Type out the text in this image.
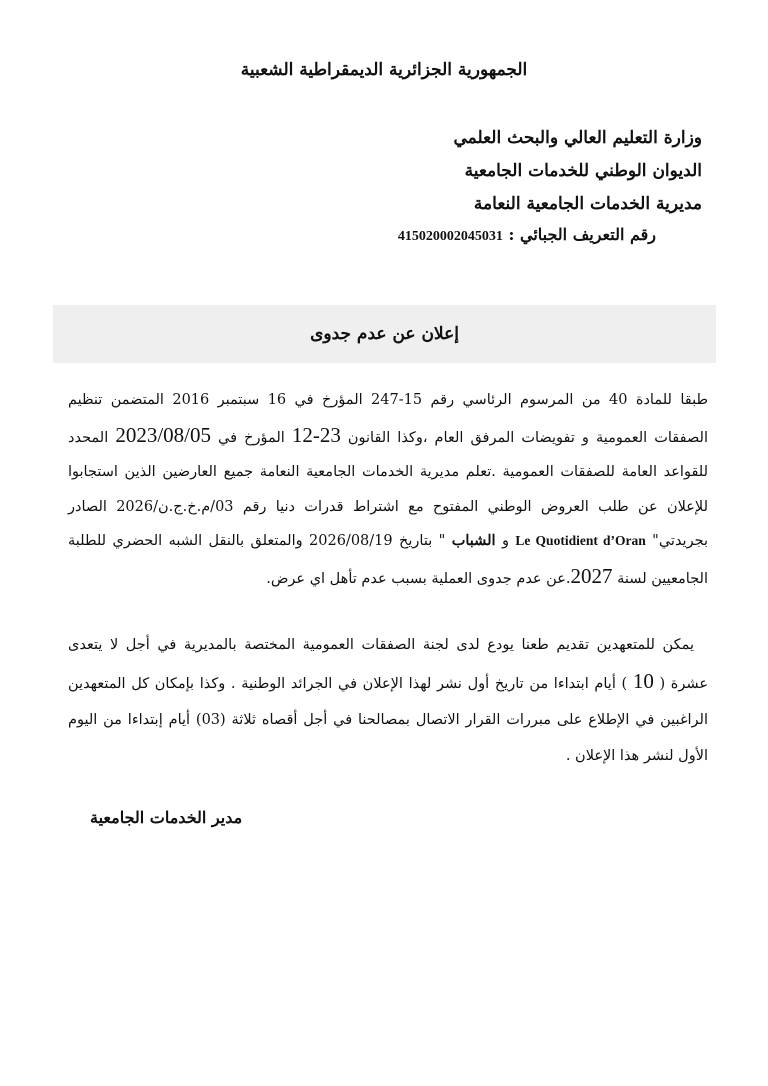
الجمهورية الجزائرية الديمقراطية الشعبية
وزارة التعليم العالي والبحث العلمي
الديوان الوطني للخدمات الجامعية
مديرية الخدمات الجامعية النعامة
رقم التعريف الجبائي : 415020002045031
إعلان عن عدم جدوى
طبقا للمادة 40 من المرسوم الرئاسي رقم 15-247 المؤرخ في 16 سبتمبر 2016 المتضمن تنظيم الصفقات العمومية و تفويضات المرفق العام ،وكذا القانون 23-12 المؤرخ في 2023/08/05 المحدد للقواعد العامة للصفقات العمومية .تعلم مديرية الخدمات الجامعية النعامة جميع العارضين الذين استجابوا للإعلان عن طلب العروض الوطني المفتوح مع اشتراط قدرات دنيا رقم 03/م.خ.ج.ن/2026 الصادر بجريدتي" Le Quotidient d’Oran و الشباب " بتاريخ 2026/08/19 والمتعلق بالنقل الشبه الحضري للطلبة الجامعيين لسنة 2027.عن عدم جدوى العملية بسبب عدم تأهل اي عرض.
يمكن للمتعهدين تقديم طعنا يودع لدى لجنة الصفقات العمومية المختصة بالمديرية في أجل لا يتعدى عشرة ( 10 ) أيام ابتداءا من تاريخ أول نشر لهذا الإعلان في الجرائد الوطنية . وكذا بإمكان كل المتعهدين الراغبين في الإطلاع على مبررات القرار الاتصال بمصالحنا في أجل أقصاه ثلاثة (03) أيام إبتداءا من اليوم الأول لنشر هذا الإعلان .
مدير الخدمات الجامعية
